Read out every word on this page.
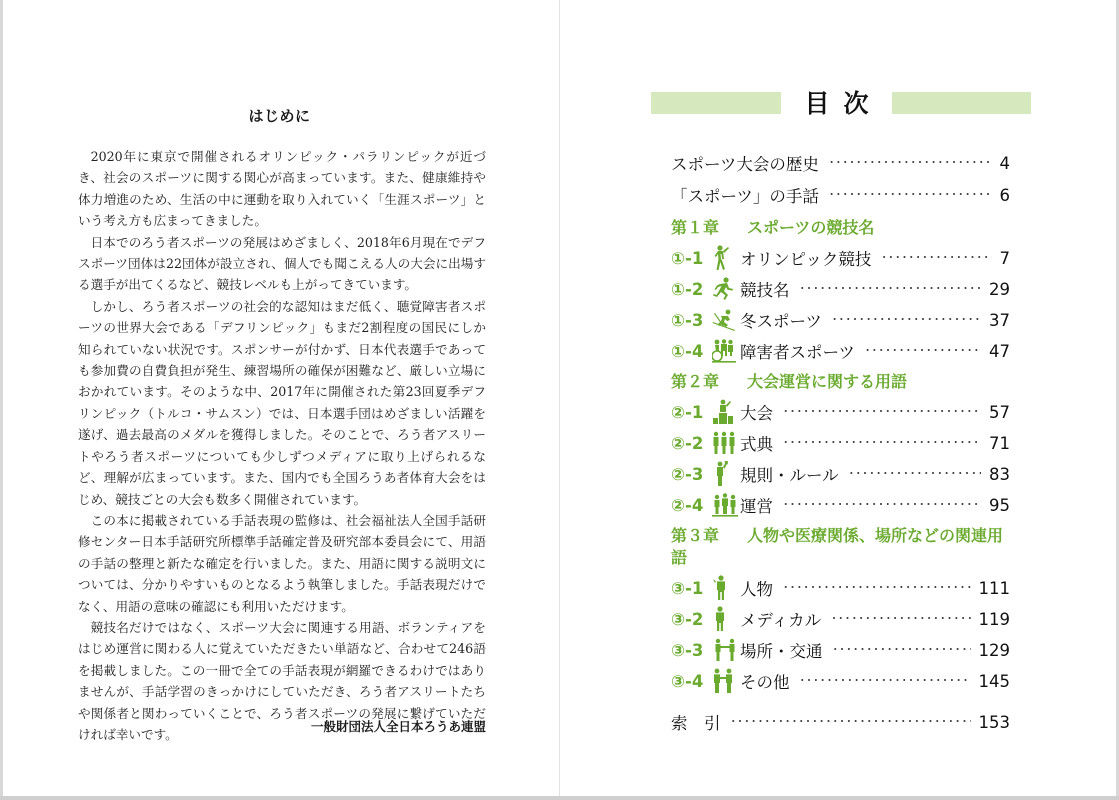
はじめに

2020年に東京で開催されるオリンピック・パラリンピックが近づき、社会のスポーツに関する関心が高まっています。また、健康維持や体力増進のため、生活の中に運動を取り入れていく「生涯スポーツ」という考え方も広まってきました。

日本でのろう者スポーツの発展はめざましく、2018年6月現在でデフスポーツ団体は22団体が設立され、個人でも聞こえる人の大会に出場する選手が出てくるなど、競技レベルも上がってきています。

しかし、ろう者スポーツの社会的な認知はまだ低く、聴覚障害者スポーツの世界大会である「デフリンピック」もまだ2割程度の国民にしか知られていない状況です。スポンサーが付かず、日本代表選手であっても参加費の自費負担が発生、練習場所の確保が困難など、厳しい立場におかれています。そのような中、2017年に開催された第23回夏季デフリンピック（トルコ・サムスン）では、日本選手団はめざましい活躍を遂げ、過去最高のメダルを獲得しました。そのことで、ろう者アスリートやろう者スポーツについても少しずつメディアに取り上げられるなど、理解が広まっています。また、国内でも全国ろうあ者体育大会をはじめ、競技ごとの大会も数多く開催されています。

この本に掲載されている手話表現の監修は、社会福祉法人全国手話研修センター日本手話研究所標準手話確定普及研究部本委員会にて、用語の手話の整理と新たな確定を行いました。また、用語に関する説明文については、分かりやすいものとなるよう執筆しました。手話表現だけでなく、用語の意味の確認にも利用いただけます。

競技名だけではなく、スポーツ大会に関連する用語、ボランティアをはじめ運営に関わる人に覚えていただきたい単語など、合わせて246語を掲載しました。この一冊で全ての手話表現が網羅できるわけではありませんが、手話学習のきっかけにしていただき、ろう者アスリートたちや関係者と関わっていくことで、ろう者スポーツの発展に繋げていただければ幸いです。

一般財団法人全日本ろうあ連盟
目次
スポーツ大会の歴史 ････････････････････････････････････････････････････････････････････････	4
「スポーツ」の手話 ････････････････････････････････････････････････････････････････････････	6
第１章 スポーツの競技名
①-1	オリンピック競技 ････････････････････････････････････････････････････････････････････････	7
①-2	競技名 ････････････････････････････････････････････････････････････････････････	29
①-3	冬スポーツ ････････････････････････････････････････････････････････････････････････	37
①-4	障害者スポーツ ････････････････････････････････････････････････････････････････････････	47
第２章 大会運営に関する用語
②-1	大会 ････････････････････････････････････････････････････････････････････････	57
②-2	式典 ････････････････････････････････････････････････････････････････････････	71
②-3	規則・ルール ････････････････････････････････････････････････････････････････････････	83
②-4	運営 ････････････････････････････････････････････････････････････････････････	95
第３章 人物や医療関係、場所などの関連用語
③-1	人物 ････････････････････････････････････････････････････････････････････････	111
③-2	メディカル ････････････････････････････････････････････････････････････････････････	119
③-3	場所・交通 ････････････････････････････････････････････････････････････････････････	129
③-4	その他 ････････････････････････････････････････････････････････････････････････	145
索　引 ････････････････････････････････････････････････････････････････････････	153
